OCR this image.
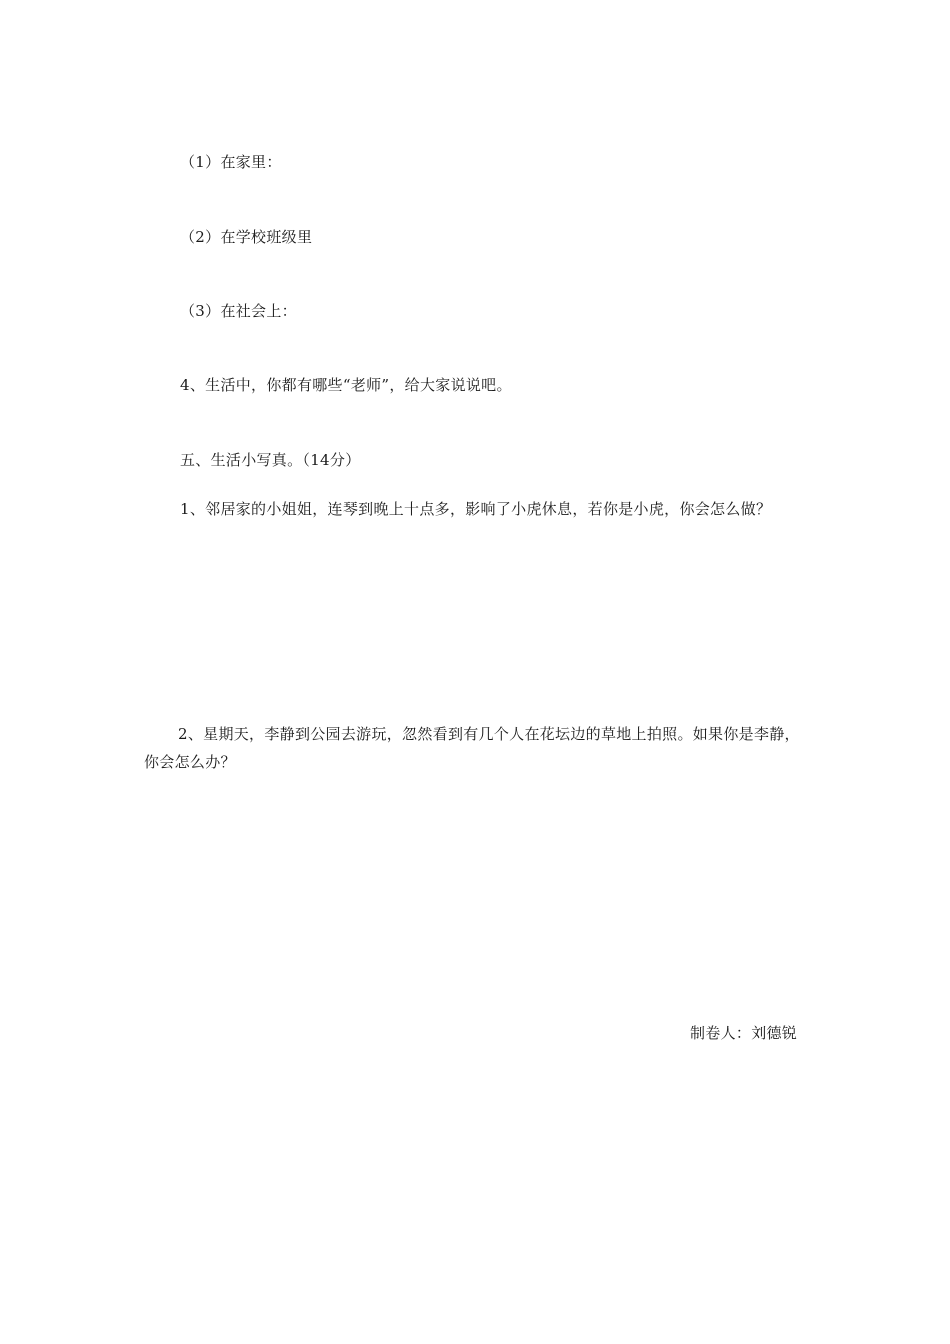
（1）在家里：
（2）在学校班级里
（3）在社会上：
4、生活中，你都有哪些“老师”，给大家说说吧。
五、生活小写真。（14分）
1、邻居家的小姐姐，连琴到晚上十点多，影响了小虎休息，若你是小虎，你会怎么做？
2、星期天，李静到公园去游玩，忽然看到有几个人在花坛边的草地上拍照。如果你是李静，你会怎么办？
制卷人：刘德锐
